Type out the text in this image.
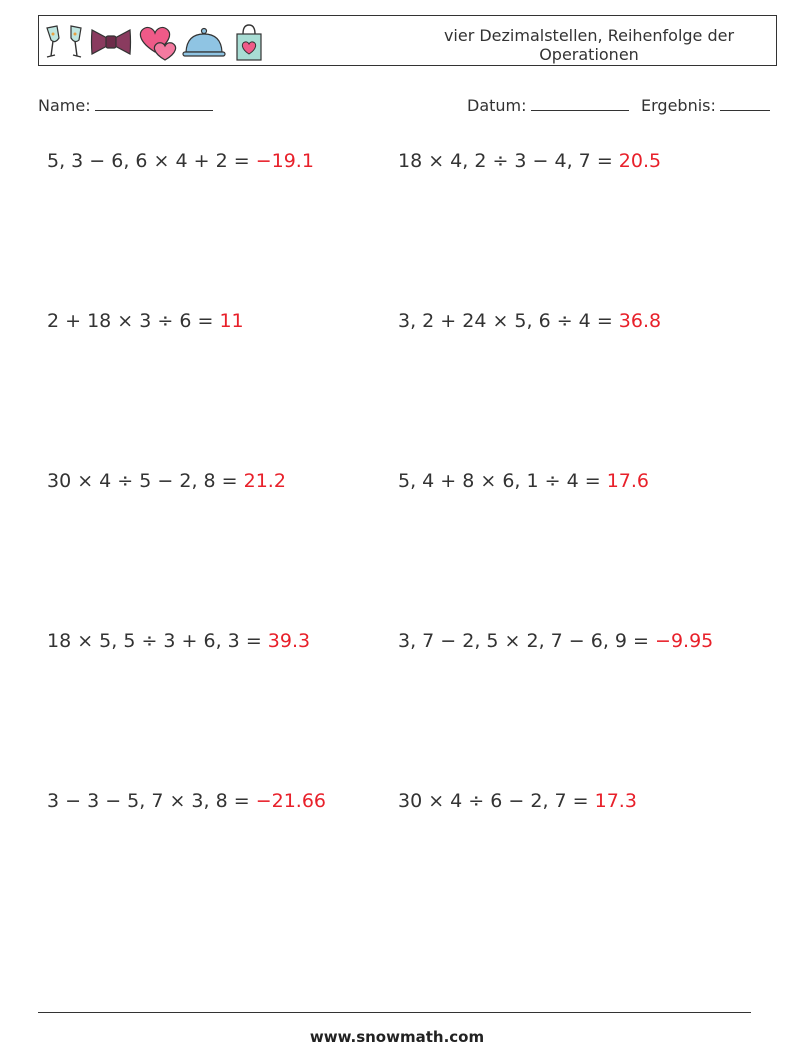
vier Dezimalstellen, Reihenfolge der
Operationen
Name:	Datum:	Ergebnis:
5, 3 − 6, 6 × 4 + 2 = −19.1	18 × 4, 2 ÷ 3 − 4, 7 = 20.5
2 + 18 × 3 ÷ 6 = 11	3, 2 + 24 × 5, 6 ÷ 4 = 36.8
30 × 4 ÷ 5 − 2, 8 = 21.2	5, 4 + 8 × 6, 1 ÷ 4 = 17.6
18 × 5, 5 ÷ 3 + 6, 3 = 39.3	3, 7 − 2, 5 × 2, 7 − 6, 9 = −9.95
3 − 3 − 5, 7 × 3, 8 = −21.66	30 × 4 ÷ 6 − 2, 7 = 17.3
www.snowmath.com
